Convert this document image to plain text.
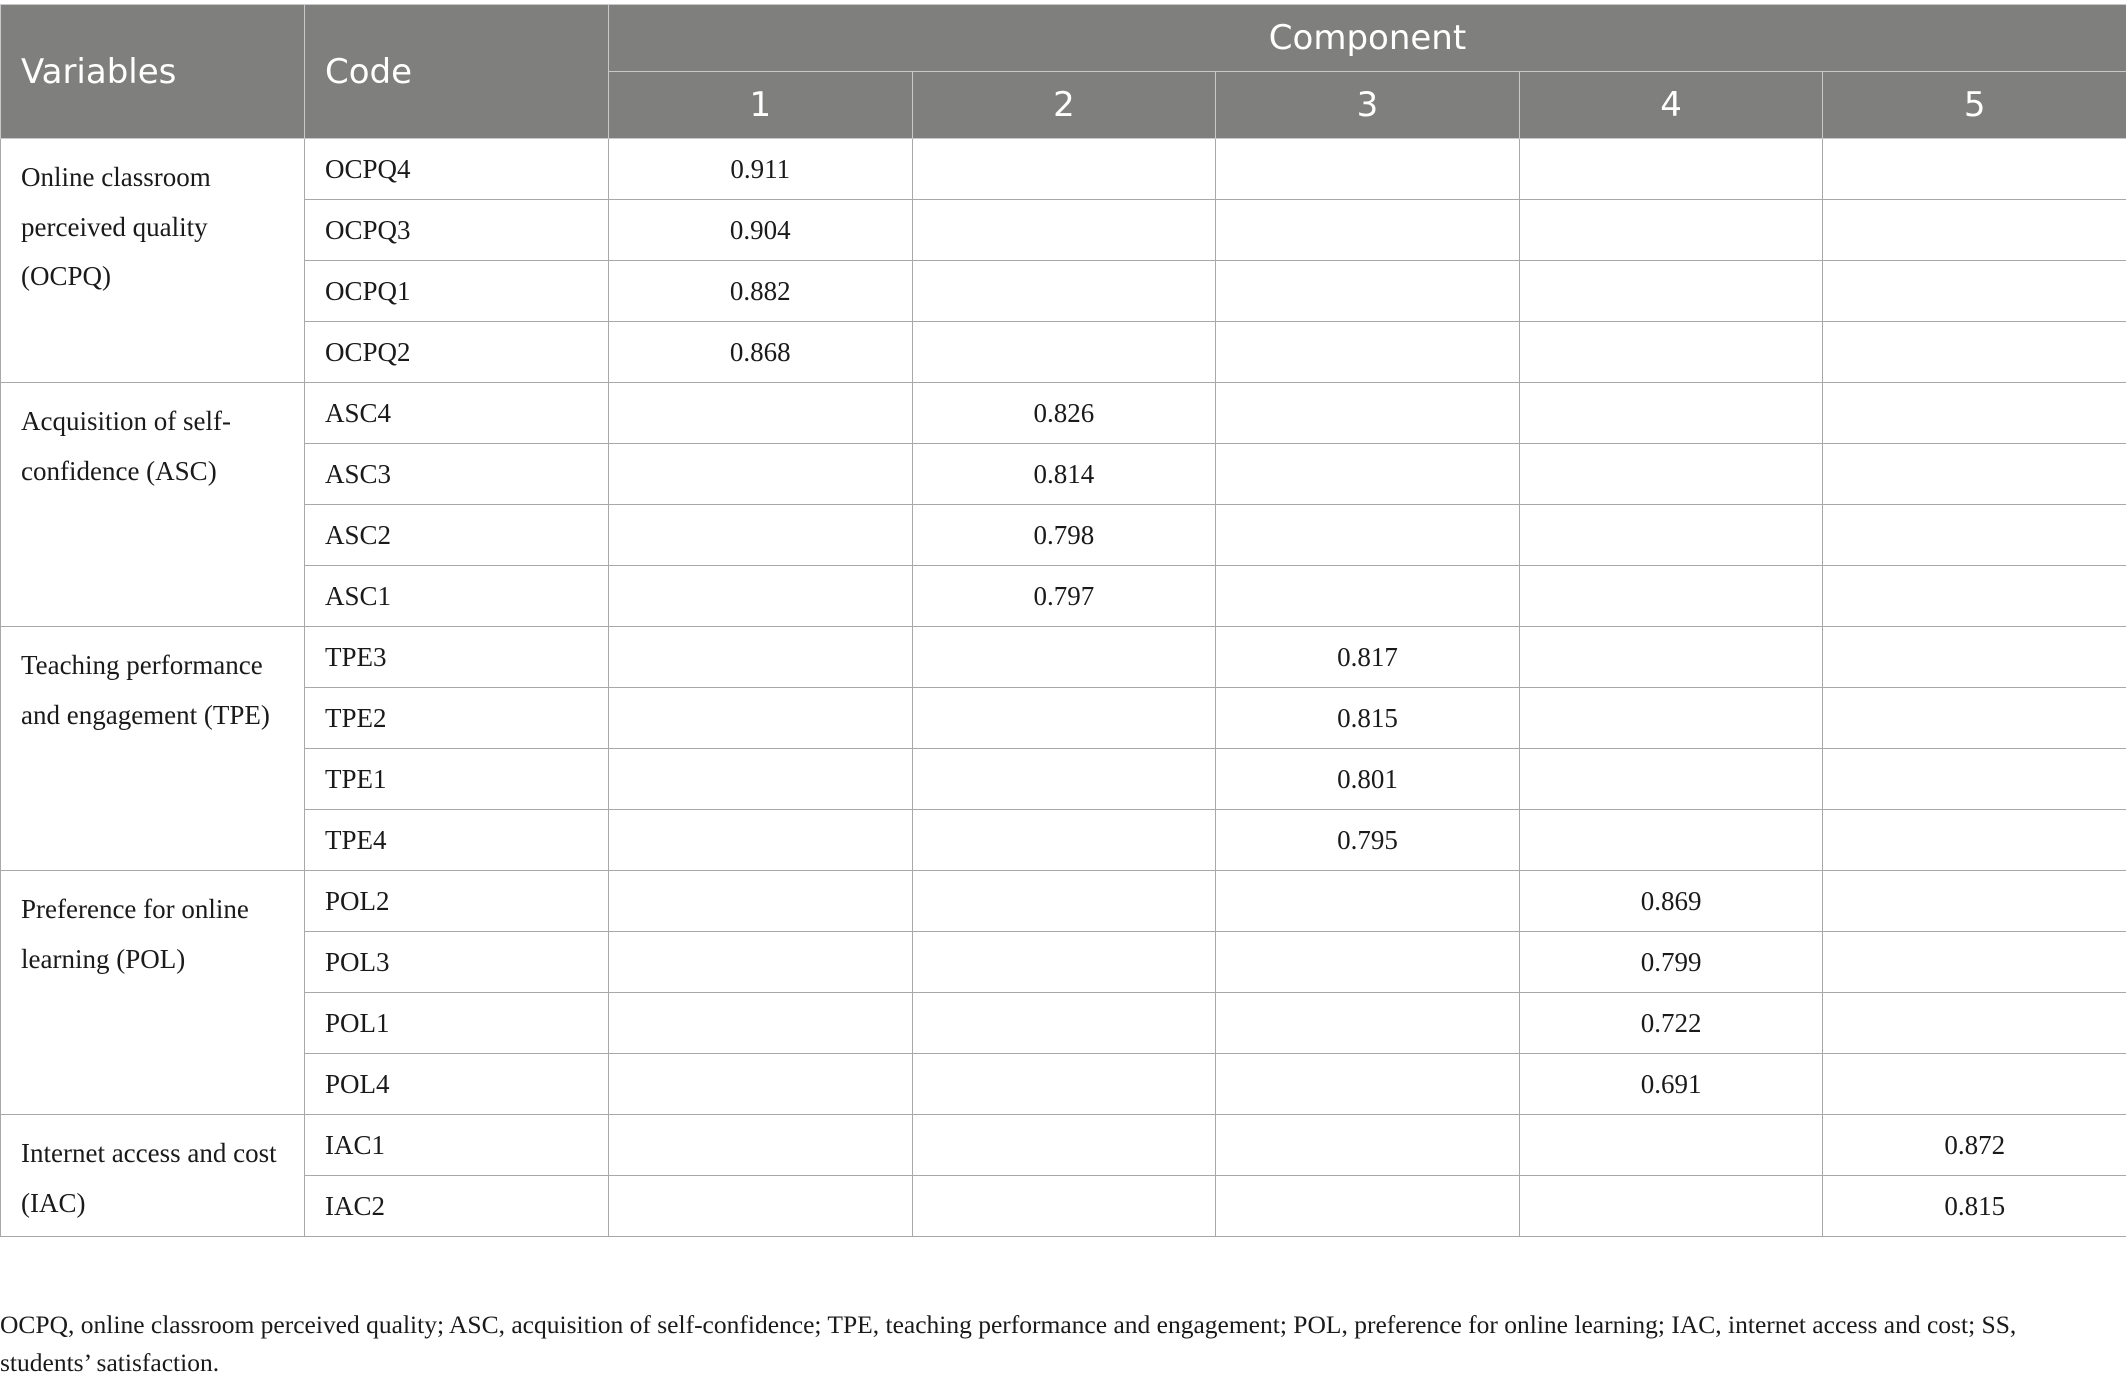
Variables	Code	Component				
		1	2	3	4	5
Online classroom perceived quality (OCPQ)	OCPQ4	0.911				
	OCPQ3	0.904				
	OCPQ1	0.882				
	OCPQ2	0.868				
Acquisition of self-confidence (ASC)	ASC4		0.826			
	ASC3		0.814			
	ASC2		0.798			
	ASC1		0.797			
Teaching performance and engagement (TPE)	TPE3			0.817		
	TPE2			0.815		
	TPE1			0.801		
	TPE4			0.795		
Preference for online learning (POL)	POL2				0.869	
	POL3				0.799	
	POL1				0.722	
	POL4				0.691	
Internet access and cost (IAC)	IAC1					0.872
	IAC2					0.815
OCPQ, online classroom perceived quality; ASC, acquisition of self-confidence; TPE, teaching performance and engagement; POL, preference for online learning; IAC, internet access and cost; SS, students’ satisfaction.
